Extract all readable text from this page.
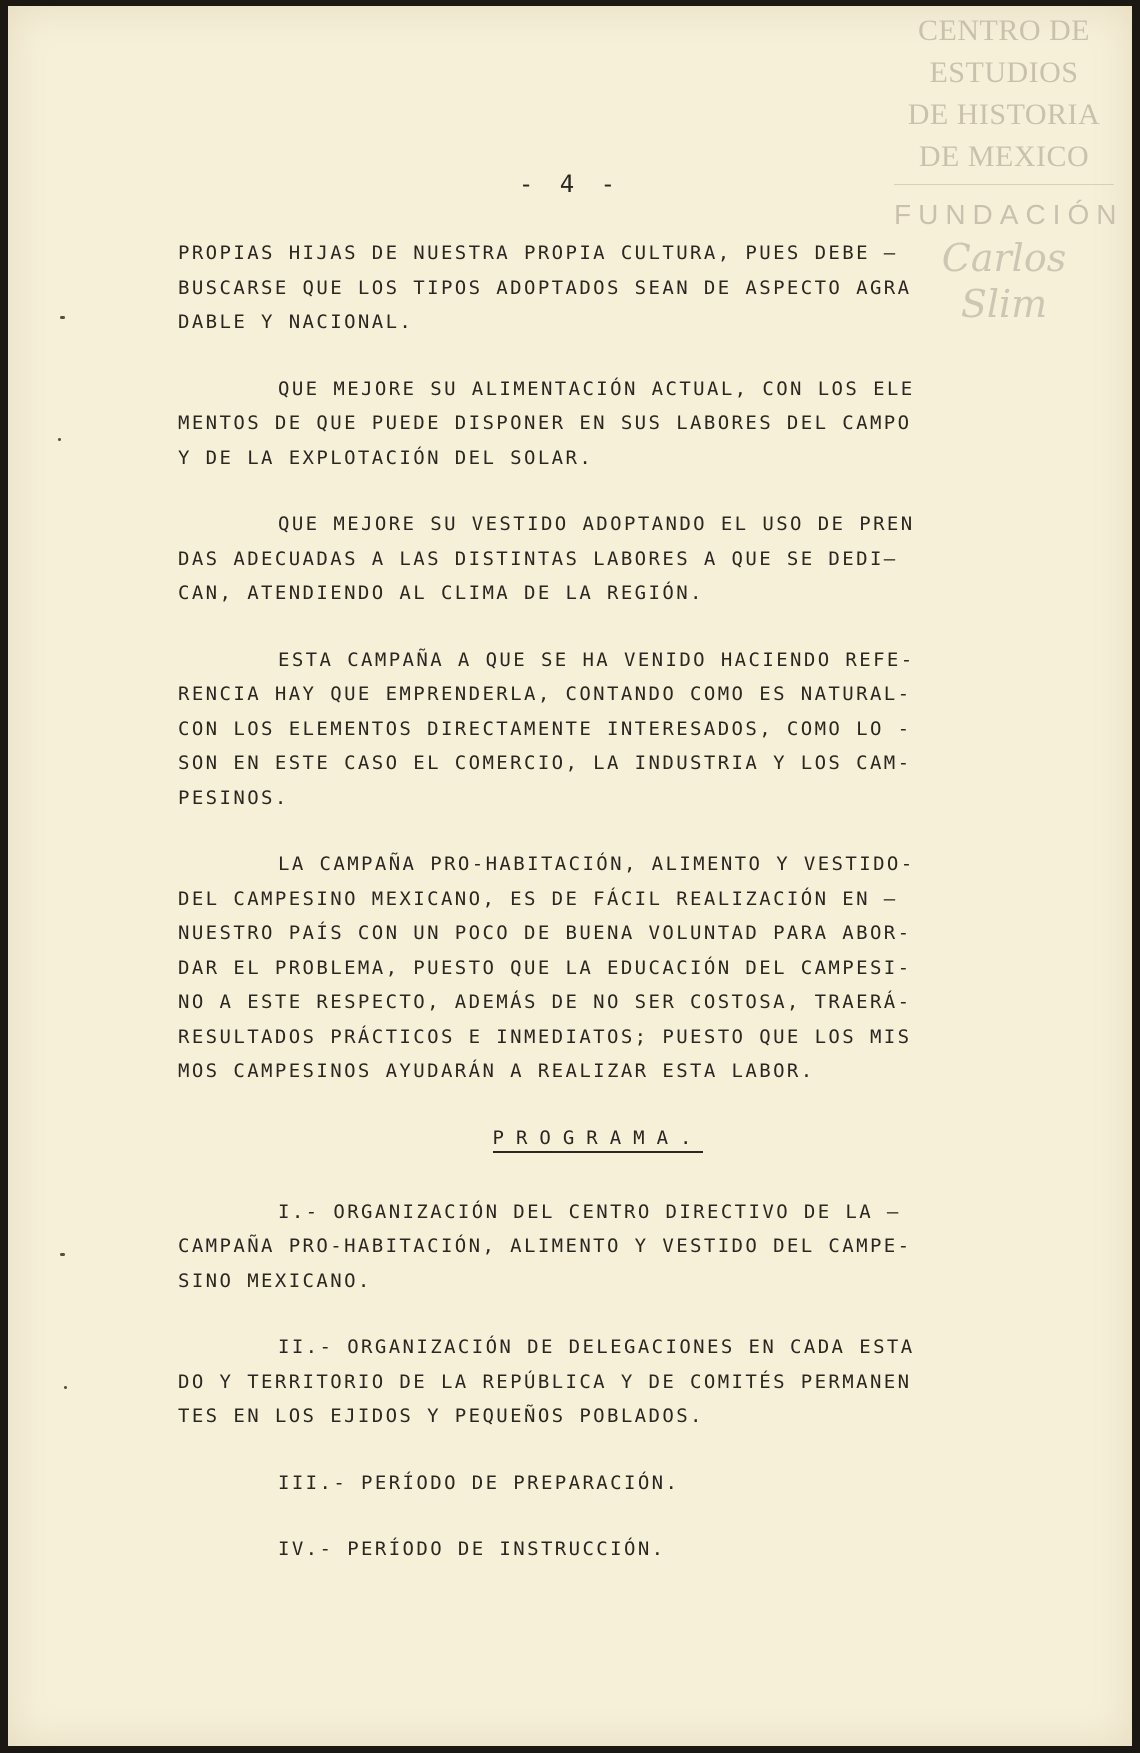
CENTRO DE
ESTUDIOS
DE HISTORIA
DE MEXICO
FUNDACIÓN
Carlos Slim
- 4 -
PROPIAS HIJAS DE NUESTRA PROPIA CULTURA, PUES DEBE —
BUSCARSE QUE LOS TIPOS ADOPTADOS SEAN DE ASPECTO AGRA
DABLE Y NACIONAL.
QUE MEJORE SU ALIMENTACIÓN ACTUAL, CON LOS ELE
MENTOS DE QUE PUEDE DISPONER EN SUS LABORES DEL CAMPO
Y DE LA EXPLOTACIÓN DEL SOLAR.
QUE MEJORE SU VESTIDO ADOPTANDO EL USO DE PREN
DAS ADECUADAS A LAS DISTINTAS LABORES A QUE SE DEDI—
CAN, ATENDIENDO AL CLIMA DE LA REGIÓN.
ESTA CAMPAÑA A QUE SE HA VENIDO HACIENDO REFE-
RENCIA HAY QUE EMPRENDERLA, CONTANDO COMO ES NATURAL-
CON LOS ELEMENTOS DIRECTAMENTE INTERESADOS, COMO LO -
SON EN ESTE CASO EL COMERCIO, LA INDUSTRIA Y LOS CAM-
PESINOS.
LA CAMPAÑA PRO-HABITACIÓN, ALIMENTO Y VESTIDO-
DEL CAMPESINO MEXICANO, ES DE FÁCIL REALIZACIÓN EN —
NUESTRO PAÍS CON UN POCO DE BUENA VOLUNTAD PARA ABOR-
DAR EL PROBLEMA, PUESTO QUE LA EDUCACIÓN DEL CAMPESI-
NO A ESTE RESPECTO, ADEMÁS DE NO SER COSTOSA, TRAERÁ-
RESULTADOS PRÁCTICOS E INMEDIATOS; PUESTO QUE LOS MIS
MOS CAMPESINOS AYUDARÁN A REALIZAR ESTA LABOR.
PROGRAMA.
I.- ORGANIZACIÓN DEL CENTRO DIRECTIVO DE LA —
CAMPAÑA PRO-HABITACIÓN, ALIMENTO Y VESTIDO DEL CAMPE-
SINO MEXICANO.
II.- ORGANIZACIÓN DE DELEGACIONES EN CADA ESTA
DO Y TERRITORIO DE LA REPÚBLICA Y DE COMITÉS PERMANEN
TES EN LOS EJIDOS Y PEQUEÑOS POBLADOS.
III.- PERÍODO DE PREPARACIÓN.
IV.- PERÍODO DE INSTRUCCIÓN.
